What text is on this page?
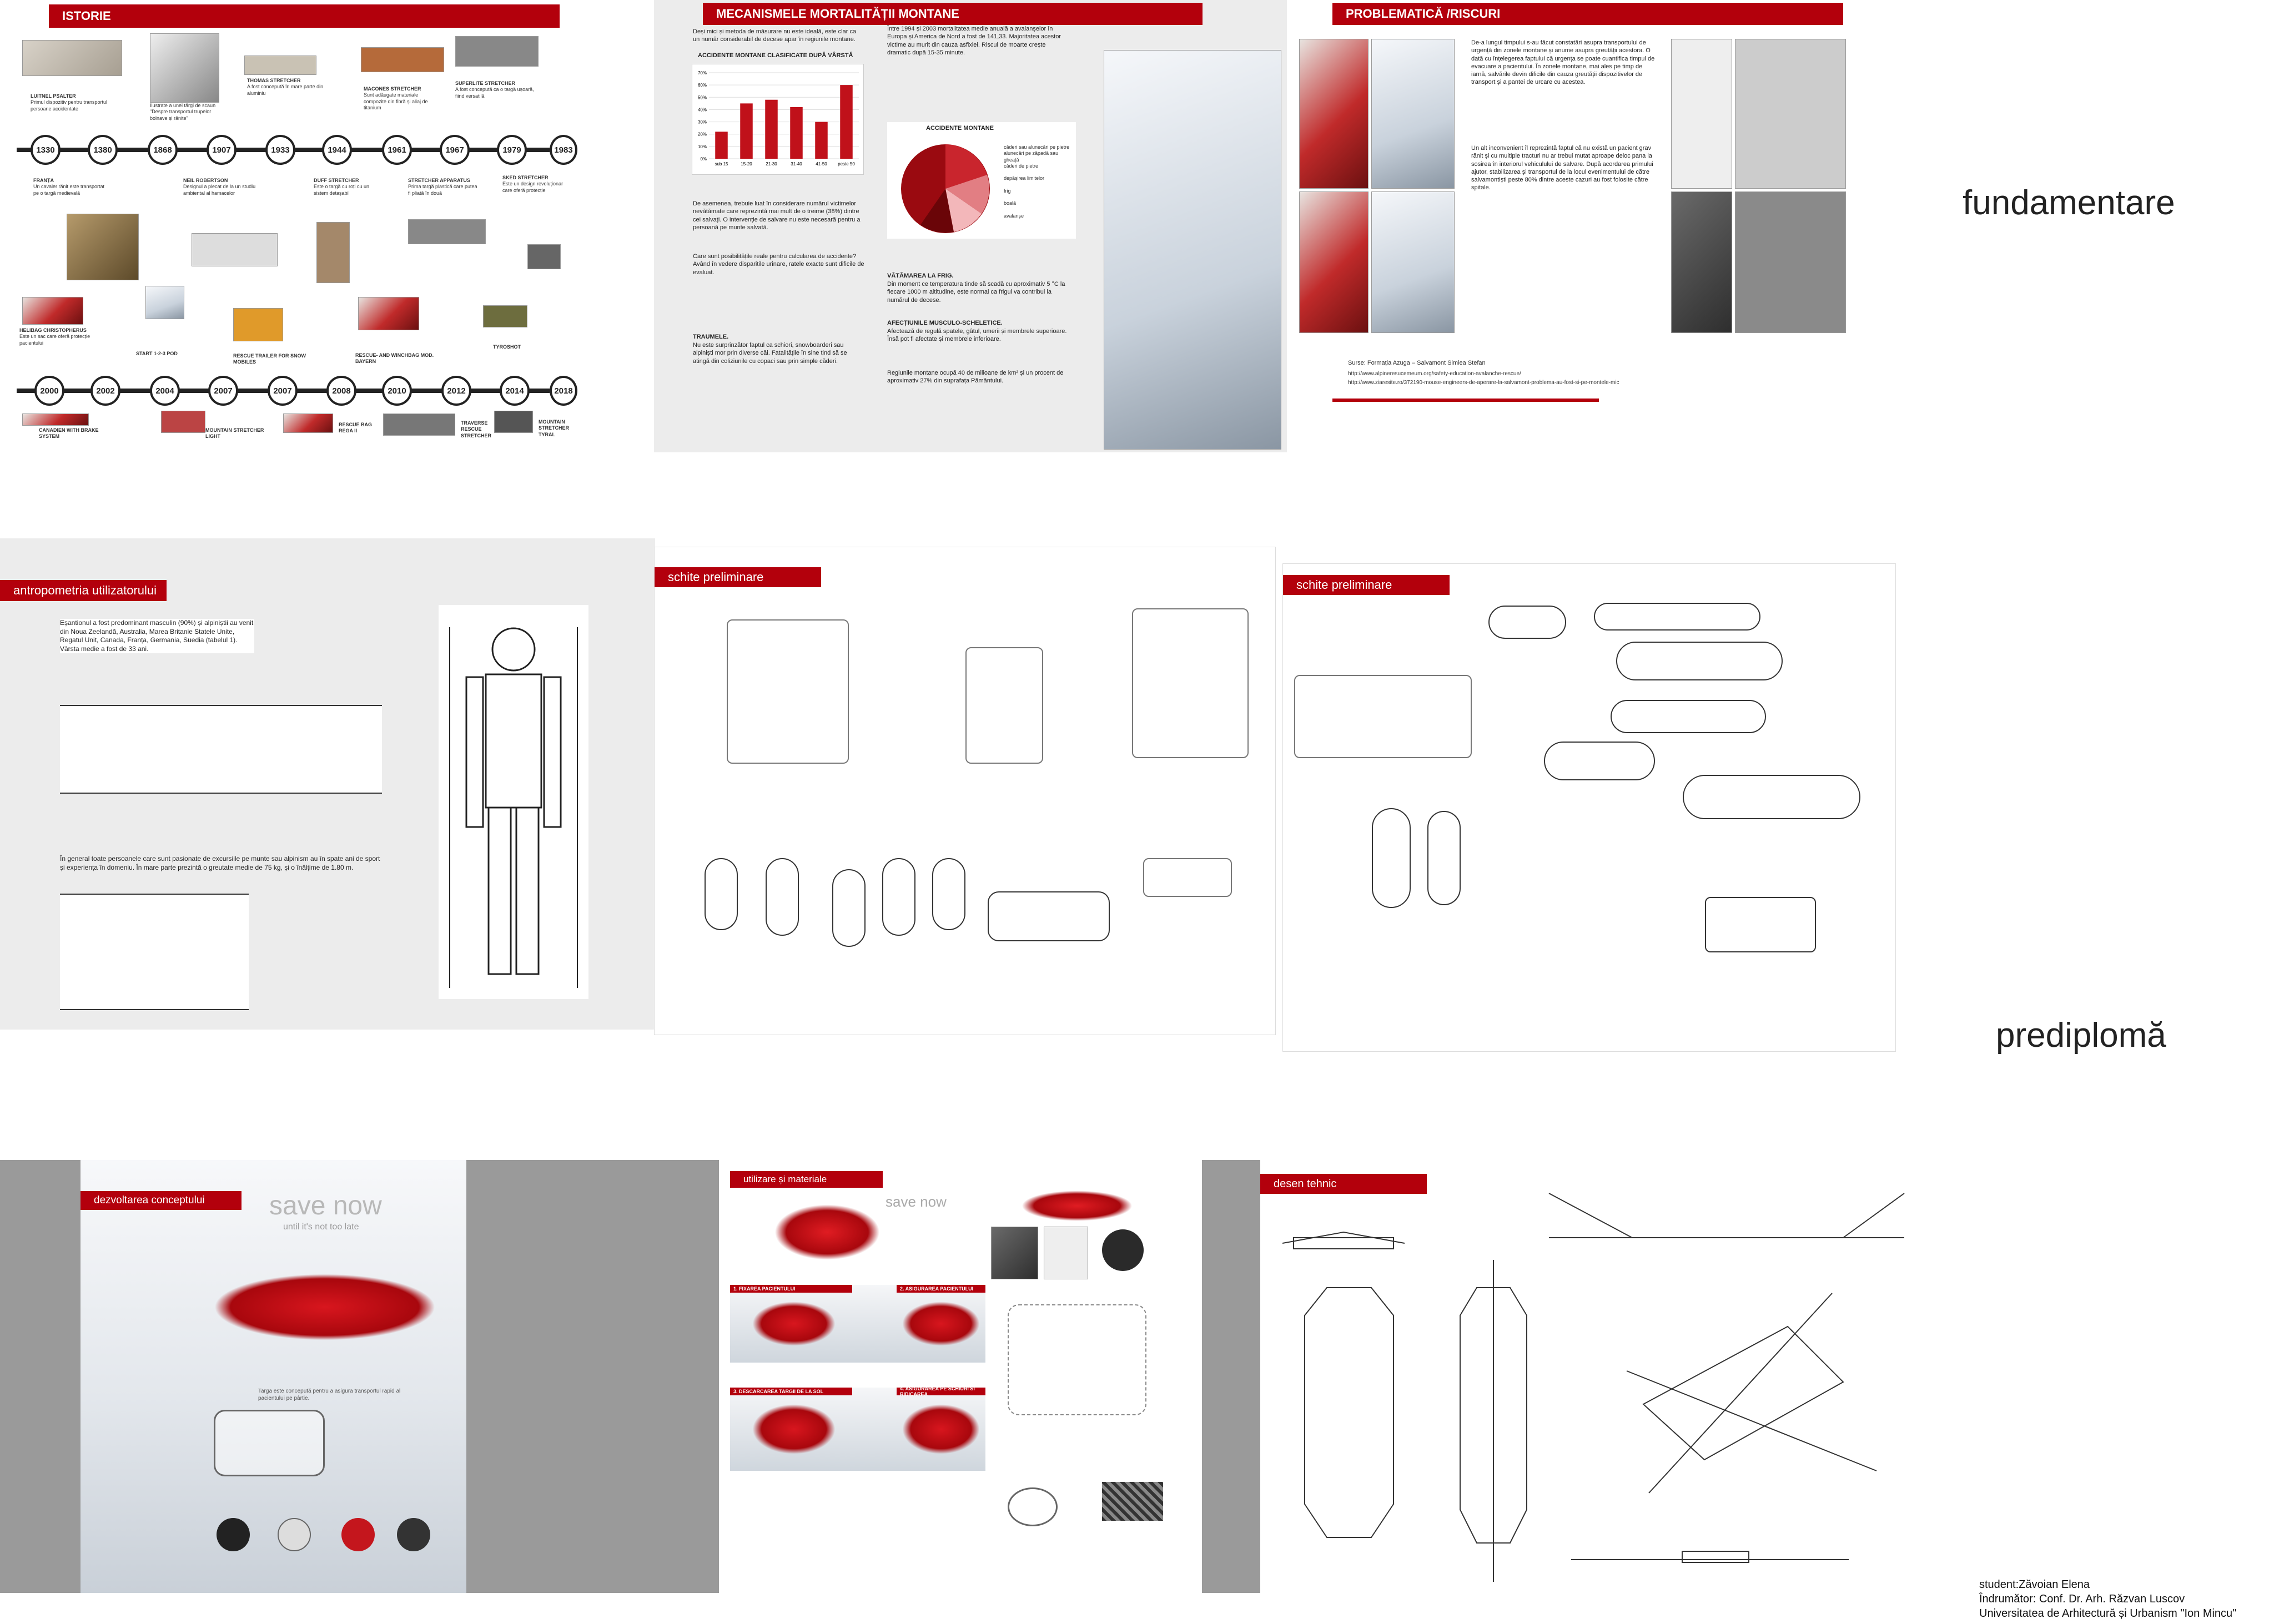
ISTORIE
LUITNEL PSALTER
Primul dispozitiv pentru transportul persoane accidentate
Ilustrate a unei tărgi de scaun "Despre transportul trupelor bolnave și rănite"
THOMAS STRETCHER
A fost concepută în mare parte din aluminiu
MACONES STRETCHER
Sunt adăugate materiale compozite din fibră și aliaj de titanium
SUPERLITE STRETCHER
A fost concepută ca o targă ușoară, fiind versatilă
1330	1380	1868	1907	1933	1944	1961	1967	1979	1983
FRANȚA
Un cavaler rănit este transportat pe o targă medievală
NEIL ROBERTSON
Designul a plecat de la un studiu ambiental al hamacelor
DUFF STRETCHER
Este o targă cu roți cu un sistem detașabil
STRETCHER APPARATUS
Prima targă plastică care putea fi pliată în două
SKED STRETCHER
Este un design revoluționar care oferă protecție
HELIBAG CHRISTOPHERUS
Este un sac care oferă protecție pacientului
START 1-2-3 POD	RESCUE TRAILER FOR SNOW MOBILES
RESCUE- AND WINCHBAG MOD. BAYERN
TYROSHOT
2000	2002	2004	2007	2007	2008	2010	2012	2014	2018
CANADIEN WITH BRAKE SYSTEM
MOUNTAIN STRETCHER LIGHT
RESCUE BAG REGA II
TRAVERSE RESCUE STRETCHER
MOUNTAIN STRETCHER TYRAL
MECANISMELE MORTALITĂȚII MONTANE
Deși mici și metoda de măsurare nu este ideală, este clar ca un număr considerabil de decese apar în regiunile montane.
Între 1994 și 2003 mortalitatea medie anuală a avalanșelor în Europa și America de Nord a fost de 141,33. Majoritatea acestor victime au murit din cauza asfixiei. Riscul de moarte crește dramatic după 15-35 minute.
ACCIDENTE MONTANE CLASIFICATE DUPĂ VÂRSTĂ
0%
10%
20%
30%
40%
50%
60%
70%
sub 15	15-20	21-30	31-40	41-50 peste 50
ACCIDENTE MONTANE
căderi sau alunecări pe pietre
alunecări pe zăpadă sau gheață
căderi de pietre

depășirea limitelor

frig

boală

avalanșe
De asemenea, trebuie luat în considerare numărul victimelor nevătămate care reprezintă mai mult de o treime (38%) dintre cei salvați. O intervenție de salvare nu este necesară pentru a persoană pe munte salvată.
Care sunt posibilitățile reale pentru calcularea de accidente? Având în vedere disparitile urinare, ratele exacte sunt dificile de evaluat.
TRAUMELE.
Nu este surprinzător faptul ca schiori, snowboarderi sau alpiniști mor prin diverse căi. Fatalitățile în sine tind să se atingă din coliziunile cu copaci sau prin simple căderi.
VĂTĂMAREA LA FRIG.
Din moment ce temperatura tinde să scadă cu aproximativ 5 °C la fiecare 1000 m altitudine, este normal ca frigul va contribui la numărul de decese.
AFECȚIUNILE MUSCULO-SCHELETICE.
Afectează de regulă spatele, gâtul, umerii și membrele superioare. Însă pot fi afectate și membrele inferioare.
Regiunile montane ocupă 40 de milioane de km² și un procent de aproximativ 27% din suprafața Pământului.
PROBLEMATICĂ /RISCURI
De-a lungul timpului s-au făcut constatări asupra transportului de urgență din zonele montane și anume asupra greutății acestora. O dată cu înțelegerea faptului că urgența se poate cuantifica timpul de evacuare a pacientului. În zonele montane, mai ales pe timp de iarnă, salvările devin dificile din cauza greutății dispozitivelor de transport și a pantei de urcare cu acestea.
Un alt inconvenient îl reprezintă faptul că nu există un pacient grav rănit și cu multiple tracturi nu ar trebui mutat aproape deloc pana la sosirea în interiorul vehiculului de salvare. După acordarea primului ajutor, stabilizarea și transportul de la locul evenimentului de către salvamontiști peste 80% dintre aceste cazuri au fost folosite către spitale.
Surse: Formația Azuga – Salvamont Simiea Stefan
http://www.alpineresucemeum.org/safety-education-avalanche-rescue/
http://www.ziaresite.ro/372190-mouse-engineers-de-aperare-la-salvamont-problema-au-fost-si-pe-montele-mic
fundamentare
antropometria utilizatorului
Eșantionul a fost predominant masculin (90%) și alpiniștii au venit din Noua Zeelandă, Australia, Marea Britanie Statele Unite, Regatul Unit, Canada, Franța, Germania, Suedia (tabelul 1). Vârsta medie a fost de 33 ani.
În general toate persoanele care sunt pasionate de excursiile pe munte sau alpinism au în spate ani de sport și experiența în domeniu. În mare parte prezintă o greutate medie de 75 kg, și o înălțime de 1.80 m.
schite preliminare
schite preliminare
prediplomă
dezvoltarea conceptului	save now
until it's not too late
Targa este concepută pentru a asigura transportul rapid al pacientului pe pârtie.
utilizare și materiale
save now
1. FIXAREA PACIENTULUI	2. ASIGURAREA PACIENTULUI
3. DESCARCAREA TARGII DE LA SOL	4. ASIGURAREA PE SCHIURI SI RIDICAREA
desen tehnic
student:Zăvoian Elena
Îndrumător: Conf. Dr. Arh. Răzvan Luscov
Universitatea de Arhitectură și Urbanism "Ion Mincu"
